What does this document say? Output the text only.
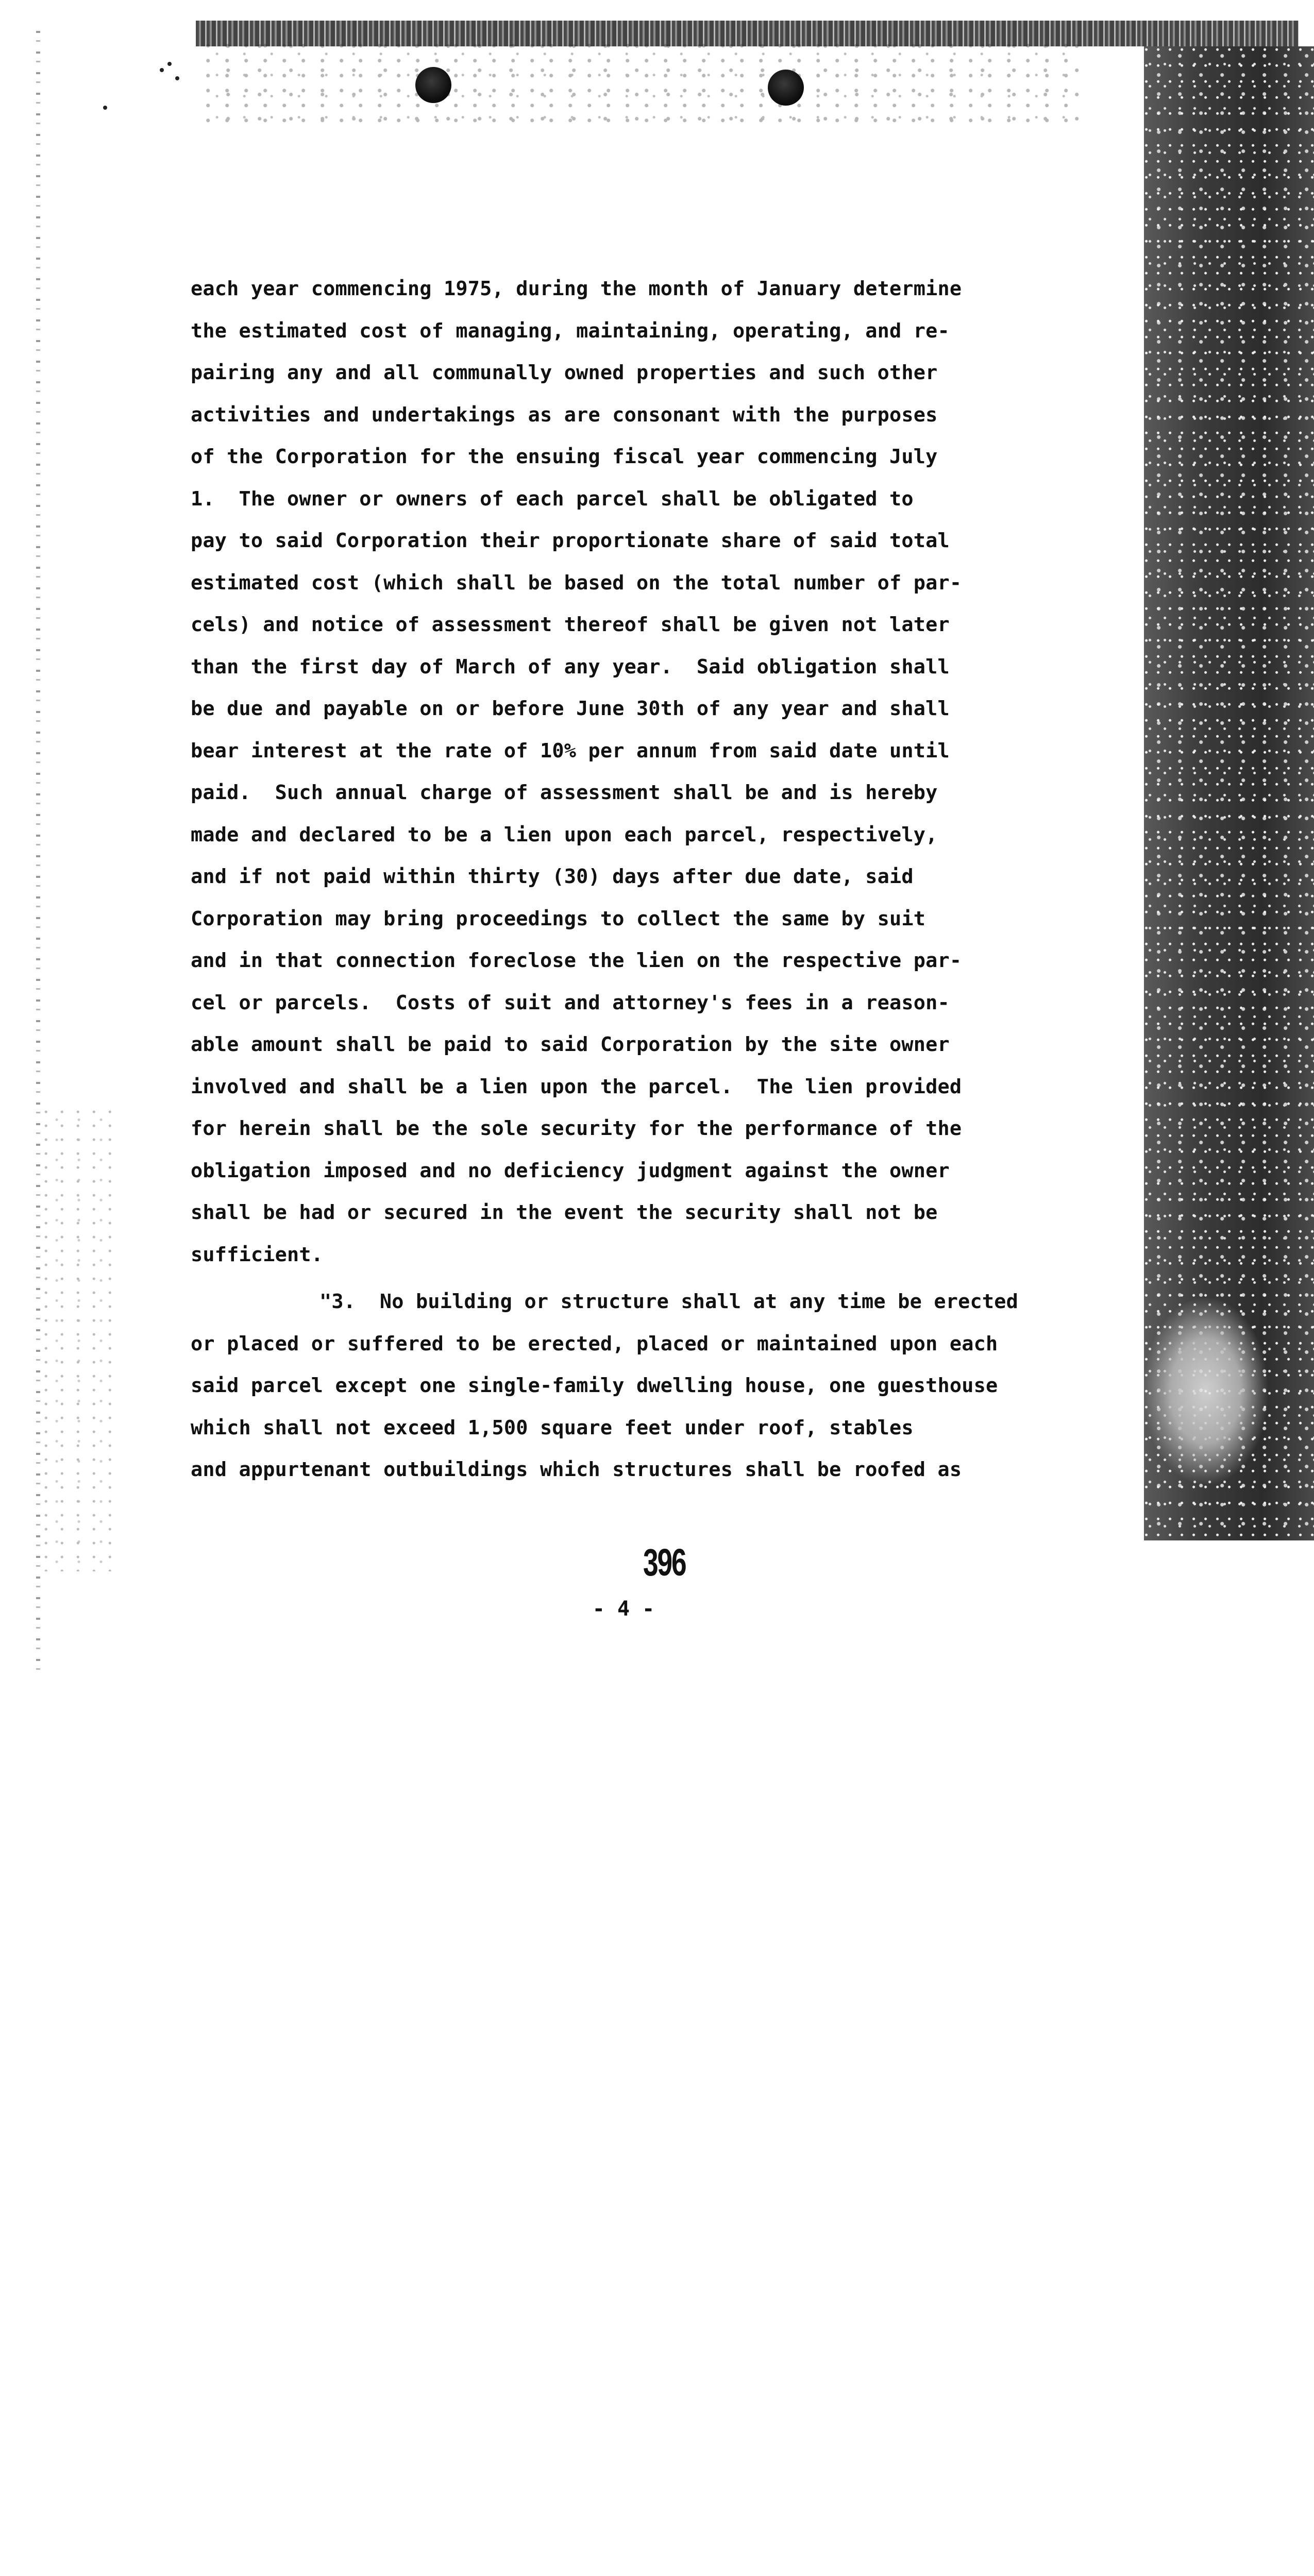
each year commencing 1975, during the month of January determine
the estimated cost of managing, maintaining, operating, and re-
pairing any and all communally owned properties and such other
activities and undertakings as are consonant with the purposes
of the Corporation for the ensuing fiscal year commencing July
1.  The owner or owners of each parcel shall be obligated to
pay to said Corporation their proportionate share of said total
estimated cost (which shall be based on the total number of par-
cels) and notice of assessment thereof shall be given not later
than the first day of March of any year.  Said obligation shall
be due and payable on or before June 30th of any year and shall
bear interest at the rate of 10% per annum from said date until
paid.  Such annual charge of assessment shall be and is hereby
made and declared to be a lien upon each parcel, respectively,
and if not paid within thirty (30) days after due date, said
Corporation may bring proceedings to collect the same by suit
and in that connection foreclose the lien on the respective par-
cel or parcels.  Costs of suit and attorney's fees in a reason-
able amount shall be paid to said Corporation by the site owner
involved and shall be a lien upon the parcel.  The lien provided
for herein shall be the sole security for the performance of the
obligation imposed and no deficiency judgment against the owner
shall be had or secured in the event the security shall not be
sufficient.
"3.  No building or structure shall at any time be erected
or placed or suffered to be erected, placed or maintained upon each
said parcel except one single-family dwelling house, one guesthouse
which shall not exceed 1,500 square feet under roof, stables
and appurtenant outbuildings which structures shall be roofed as
396
- 4 -
